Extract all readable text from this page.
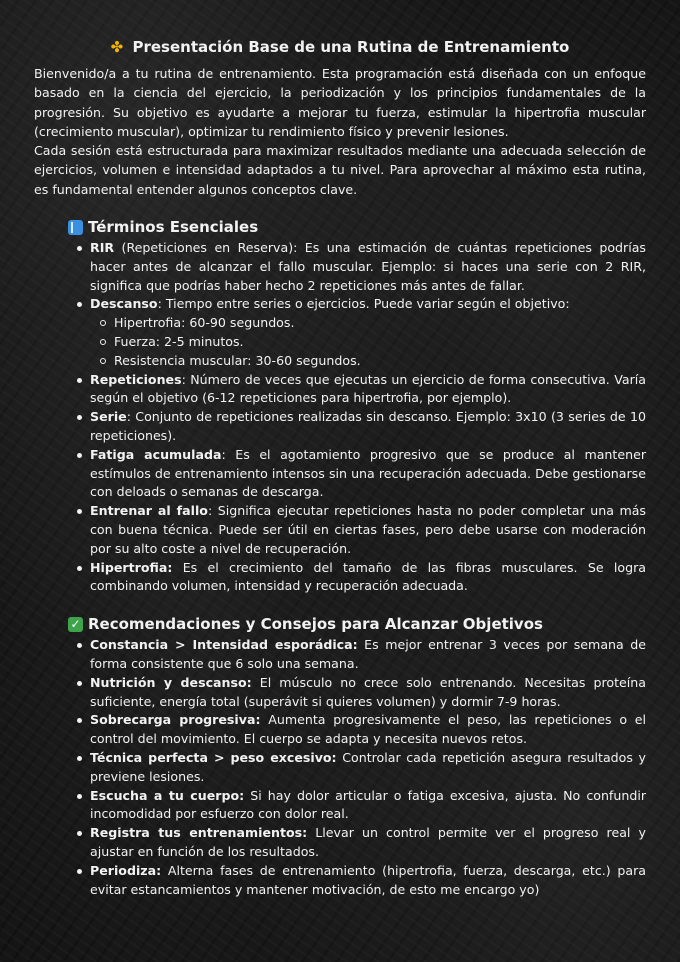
✤ Presentación Base de una Rutina de Entrenamiento

Bienvenido/a a tu rutina de entrenamiento. Esta programación está diseñada con un enfoque basado en la ciencia del ejercicio, la periodización y los principios fundamentales de la progresión. Su objetivo es ayudarte a mejorar tu fuerza, estimular la hipertrofia muscular (crecimiento muscular), optimizar tu rendimiento físico y prevenir lesiones.

Cada sesión está estructurada para maximizar resultados mediante una adecuada selección de ejercicios, volumen e intensidad adaptados a tu nivel. Para aprovechar al máximo esta rutina, es fundamental entender algunos conceptos clave.

Términos Esenciales
RIR (Repeticiones en Reserva): Es una estimación de cuántas repeticiones podrías hacer antes de alcanzar el fallo muscular. Ejemplo: si haces una serie con 2 RIR, significa que podrías haber hecho 2 repeticiones más antes de fallar.
Descanso: Tiempo entre series o ejercicios. Puede variar según el objetivo:
Hipertrofia: 60-90 segundos.
Fuerza: 2-5 minutos.
Resistencia muscular: 30-60 segundos.
Repeticiones: Número de veces que ejecutas un ejercicio de forma consecutiva. Varía según el objetivo (6-12 repeticiones para hipertrofia, por ejemplo).
Serie: Conjunto de repeticiones realizadas sin descanso. Ejemplo: 3x10 (3 series de 10 repeticiones).
Fatiga acumulada: Es el agotamiento progresivo que se produce al mantener estímulos de entrenamiento intensos sin una recuperación adecuada. Debe gestionarse con deloads o semanas de descarga.
Entrenar al fallo: Significa ejecutar repeticiones hasta no poder completar una más con buena técnica. Puede ser útil en ciertas fases, pero debe usarse con moderación por su alto coste a nivel de recuperación.
Hipertrofia: Es el crecimiento del tamaño de las fibras musculares. Se logra combinando volumen, intensidad y recuperación adecuada.
✓ Recomendaciones y Consejos para Alcanzar Objetivos
Constancia > Intensidad esporádica: Es mejor entrenar 3 veces por semana de forma consistente que 6 solo una semana.
Nutrición y descanso: El músculo no crece solo entrenando. Necesitas proteína suficiente, energía total (superávit si quieres volumen) y dormir 7-9 horas.
Sobrecarga progresiva: Aumenta progresivamente el peso, las repeticiones o el control del movimiento. El cuerpo se adapta y necesita nuevos retos.
Técnica perfecta > peso excesivo: Controlar cada repetición asegura resultados y previene lesiones.
Escucha a tu cuerpo: Si hay dolor articular o fatiga excesiva, ajusta. No confundir incomodidad por esfuerzo con dolor real.
Registra tus entrenamientos: Llevar un control permite ver el progreso real y ajustar en función de los resultados.
Periodiza: Alterna fases de entrenamiento (hipertrofia, fuerza, descarga, etc.) para evitar estancamientos y mantener motivación, de esto me encargo yo)
